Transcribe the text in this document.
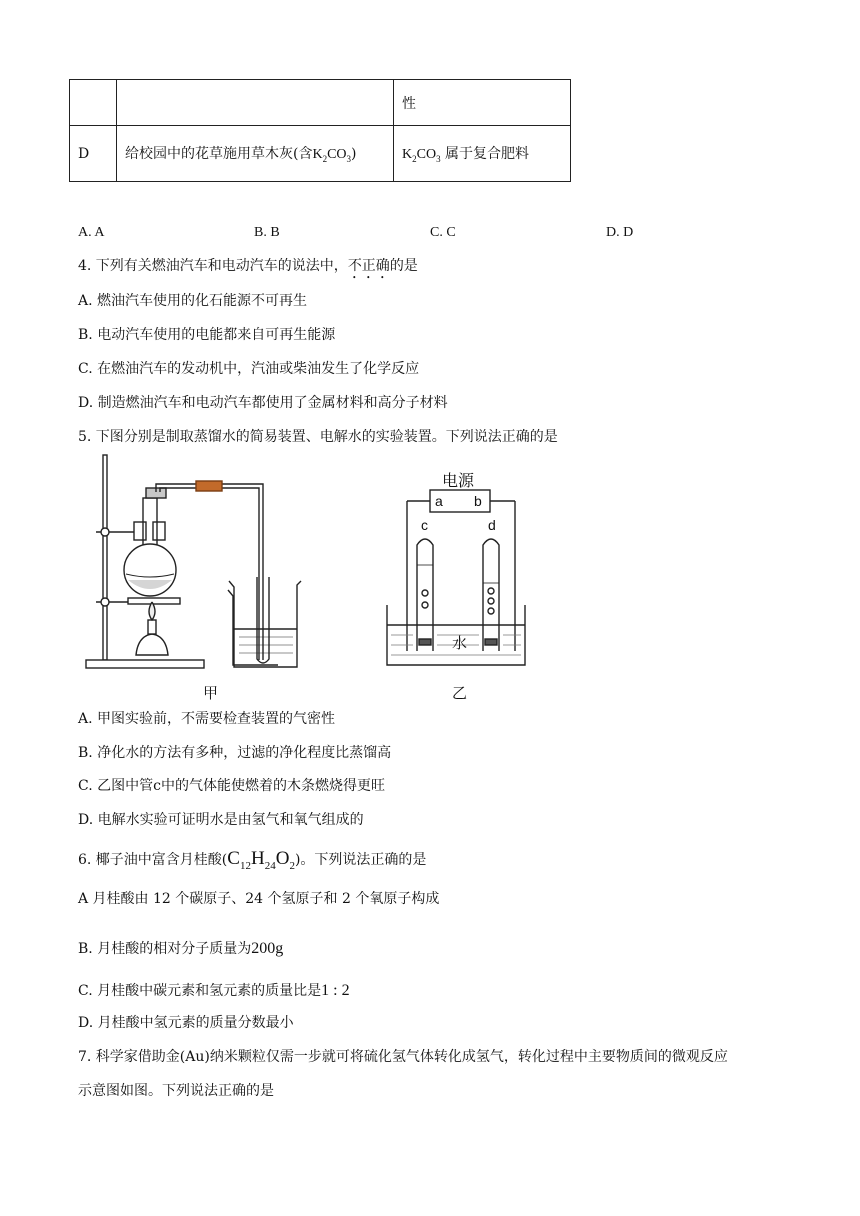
		性
D	给校园中的花草施用草木灰(含$K_2CO_3$)	$K_2CO_3$ 属于复合肥料
A. A	B. B	C. C	D. D
4. 下列有关燃油汽车和电动汽车的说法中，不正确的是
A. 燃油汽车使用的化石能源不可再生
B. 电动汽车使用的电能都来自可再生能源
C. 在燃油汽车的发动机中，汽油或柴油发生了化学反应
D. 制造燃油汽车和电动汽车都使用了金属材料和高分子材料
5. 下图分别是制取蒸馏水的简易装置、电解水的实验装置。下列说法正确的是
甲
电源
a b
c	d
水
乙
A. 甲图实验前，不需要检查装置的气密性
B. 净化水的方法有多种，过滤的净化程度比蒸馏高
C. 乙图中管c中的气体能使燃着的木条燃烧得更旺
D. 电解水实验可证明水是由氢气和氧气组成的
6. 椰子油中富含月桂酸$(C_{12}H_{24}O_2)$。下列说法正确的是
A 月桂酸由 12 个碳原子、24 个氢原子和 2 个氧原子构成
B. 月桂酸的相对分子质量为200g
C. 月桂酸中碳元素和氢元素的质量比是1 : 2
D. 月桂酸中氢元素的质量分数最小
7. 科学家借助金(Au)纳米颗粒仅需一步就可将硫化氢气体转化成氢气，转化过程中主要物质间的微观反应
示意图如图。下列说法正确的是
